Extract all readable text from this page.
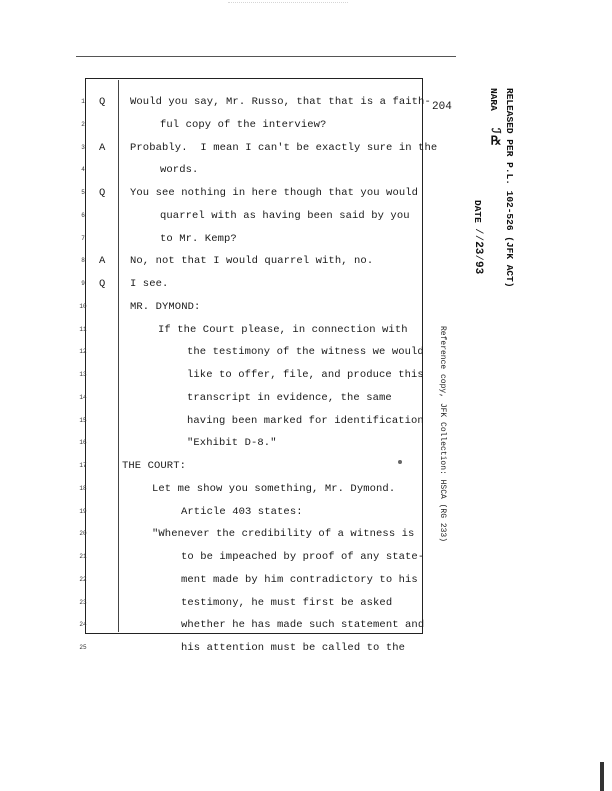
204
1	Q Would you say, Mr. Russo, that that is a faith-
2	ful copy of the interview?
3	A Probably.  I mean I can't be exactly sure in the
4	words.
5	Q You see nothing in here though that you would
6	quarrel with as having been said by you
7	to Mr. Kemp?
8	A No, not that I would quarrel with, no.
9	Q I see.
10	MR. DYMOND:
11	If the Court please, in connection with
12	the testimony of the witness we would
13	like to offer, file, and produce this
14	transcript in evidence, the same
15	having been marked for identification
16	"Exhibit D-8."
17	THE COURT:
18	Let me show you something, Mr. Dymond.
19	Article 403 states:
20	"Whenever the credibility of a witness is
21	to be impeached by proof of any state-
22	ment made by him contradictory to his
23	testimony, he must first be asked
24	whether he has made such statement and
25	his attention must be called to the
RELEASED PER P.L. 102-526 (JFK ACT)
NARA
ℐ℞
DATE
⁄⁄23⁄93
Reference copy, JFK Collection: HSCA (RG 233)
